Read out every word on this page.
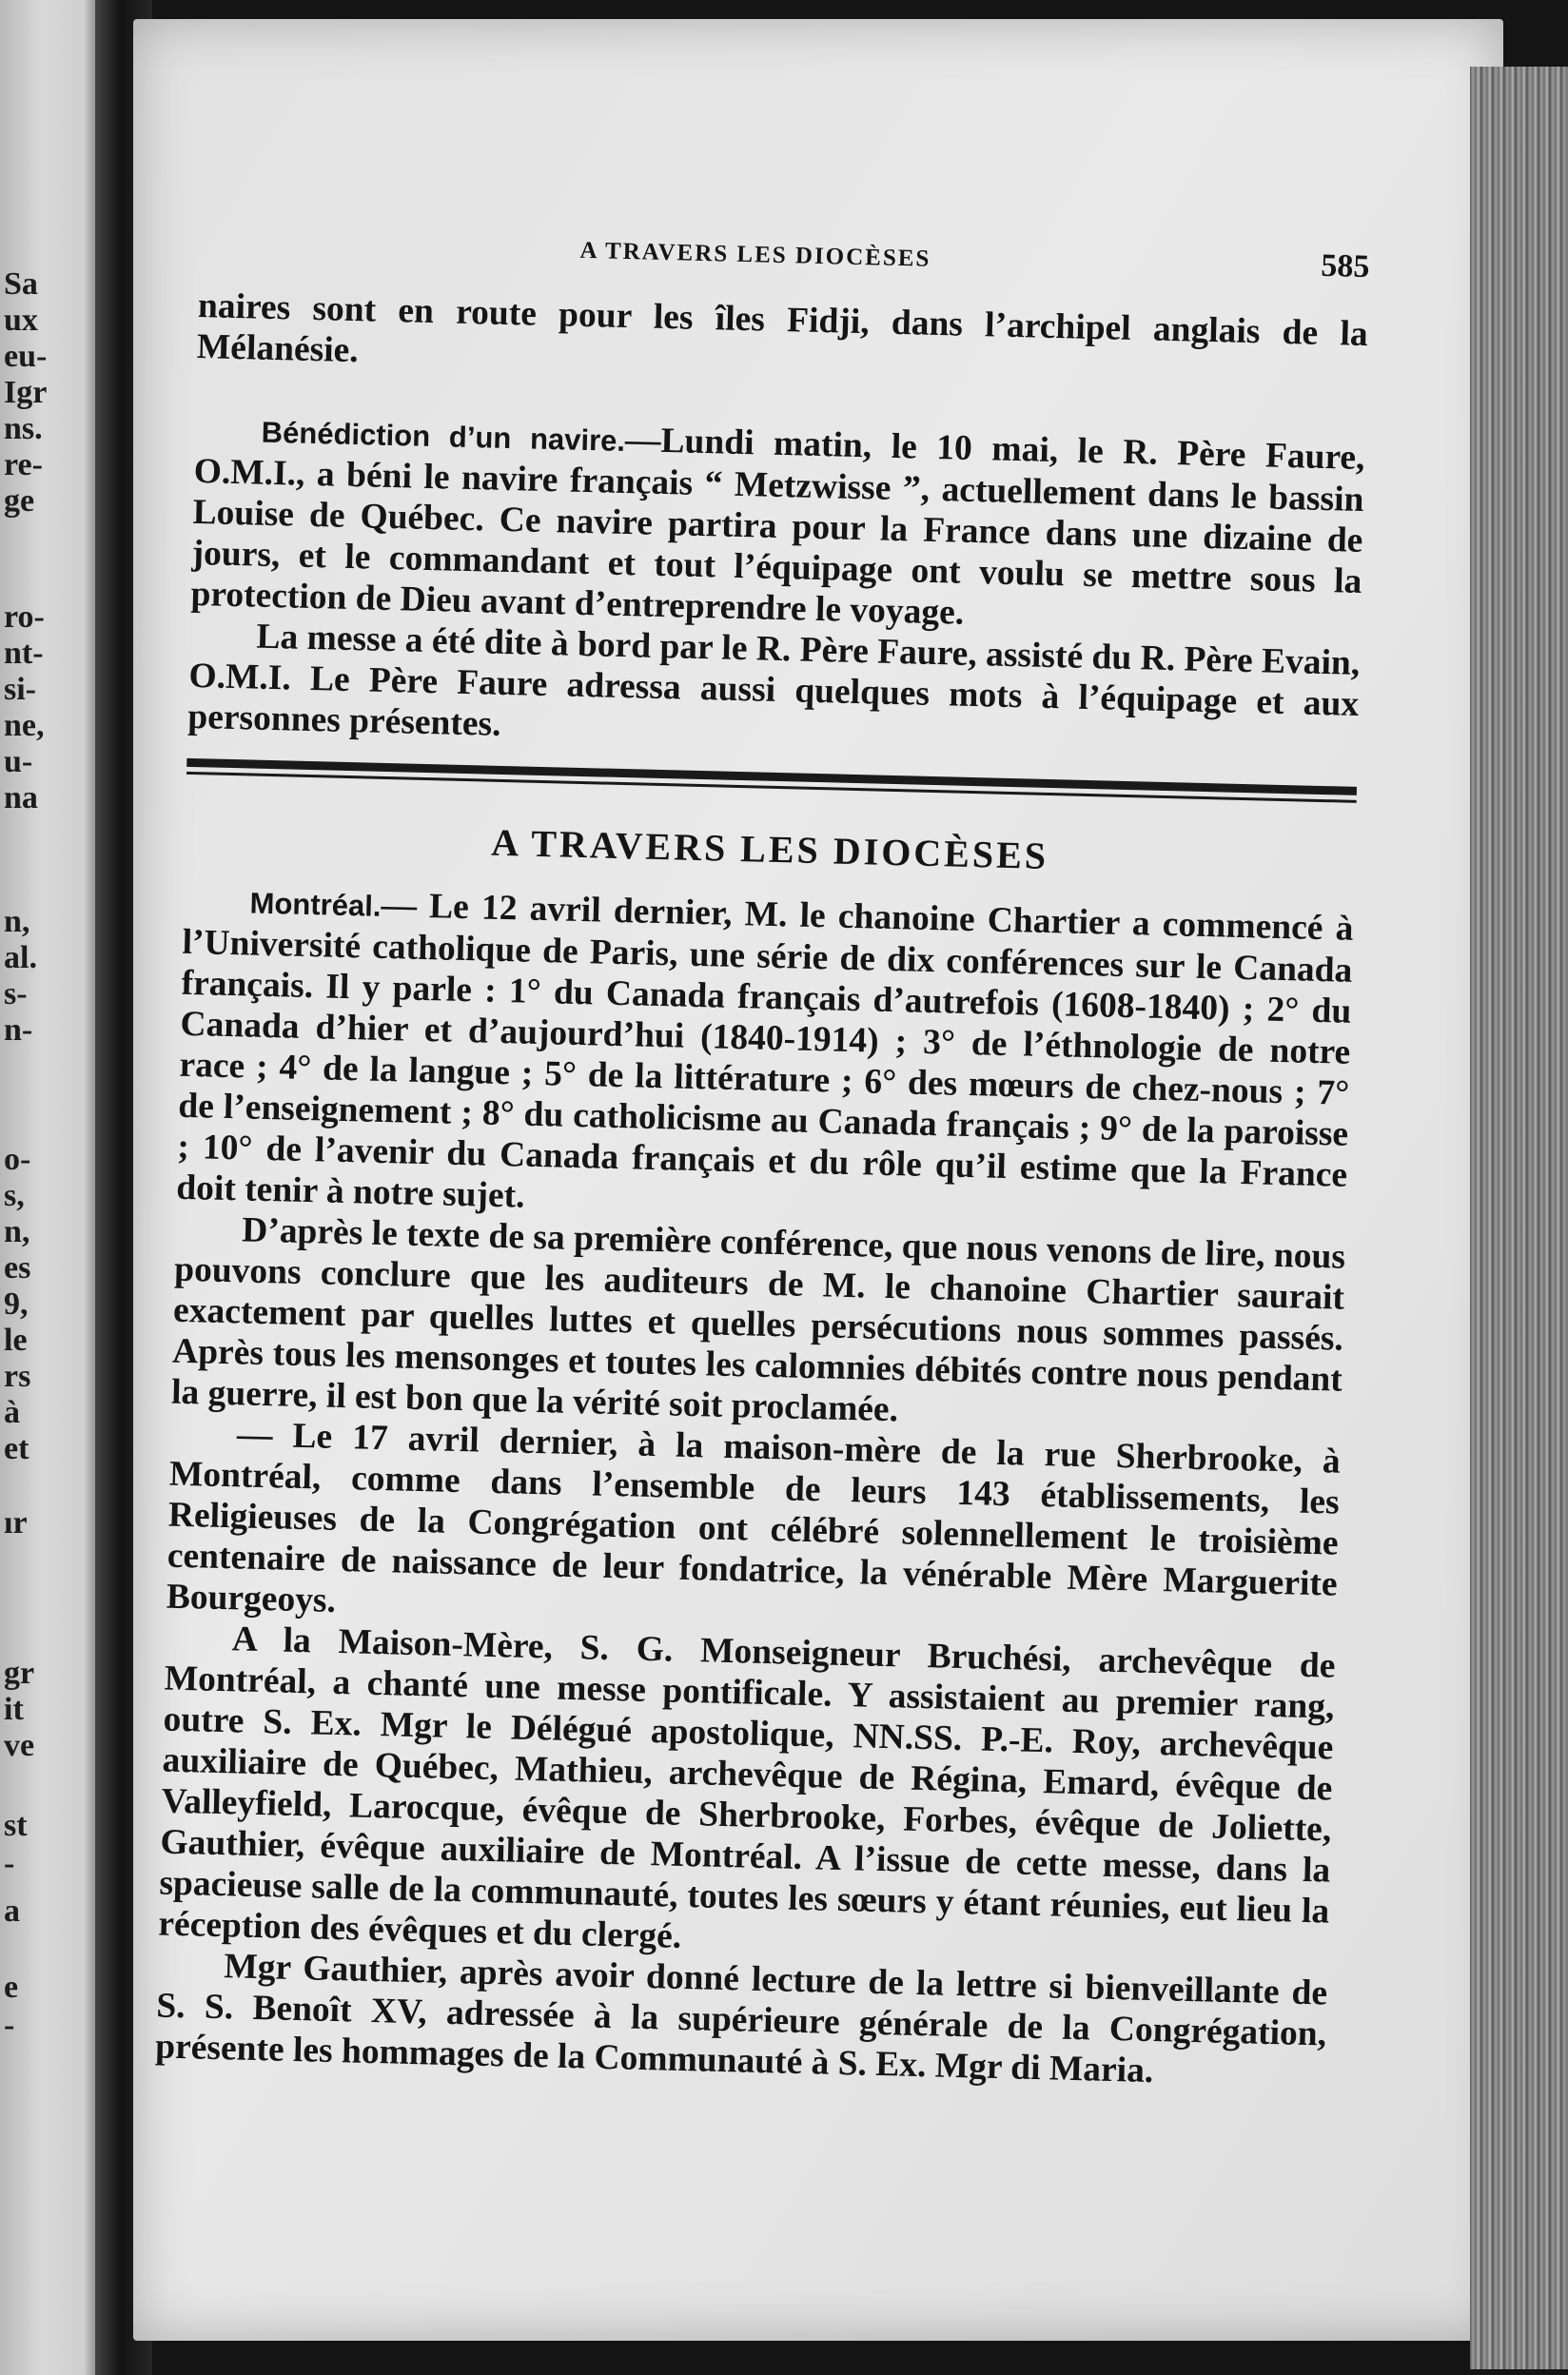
Sa
ux
eu-
Igr
ns.
re-
ge
ro-
nt-
si-
ne,
u-
na
n,
al.
s-
n-
o-
s,
n,
es
9,
le
rs
à
et
ır
gr
it
ve
st
-
a
e
-
A TRAVERS LES DIOCÈSES	585

naires sont en route pour les îles Fidji, dans l’archipel anglais de la Mélanésie.

Bénédiction d’un navire.—Lundi matin, le 10 mai, le R. Père Faure, O.M.I., a béni le navire français “ Metzwisse ”, actuellement dans le bassin Louise de Québec. Ce navire partira pour la France dans une dizaine de jours, et le commandant et tout l’équipage ont voulu se mettre sous la protection de Dieu avant d’entreprendre le voyage.

La messe a été dite à bord par le R. Père Faure, assisté du R. Père Evain, O.M.I. Le Père Faure adressa aussi quelques mots à l’équipage et aux personnes présentes.

A TRAVERS LES DIOCÈSES

Montréal.— Le 12 avril dernier, M. le chanoine Chartier a commencé à l’Université catholique de Paris, une série de dix conférences sur le Canada français. Il y parle : 1° du Canada français d’autrefois (1608-1840) ; 2° du Canada d’hier et d’aujourd’hui (1840-1914) ; 3° de l’éthnologie de notre race ; 4° de la langue ; 5° de la littérature ; 6° des mœurs de chez-nous ; 7° de l’enseignement ; 8° du catholicisme au Canada français ; 9° de la paroisse ; 10° de l’avenir du Canada français et du rôle qu’il estime que la France doit tenir à notre sujet.

D’après le texte de sa première conférence, que nous venons de lire, nous pouvons conclure que les auditeurs de M. le chanoine Chartier saurait exactement par quelles luttes et quelles persécutions nous sommes passés. Après tous les mensonges et toutes les calomnies débités contre nous pendant la guerre, il est bon que la vérité soit proclamée.

— Le 17 avril dernier, à la maison-mère de la rue Sherbrooke, à Montréal, comme dans l’ensemble de leurs 143 établissements, les Religieuses de la Congrégation ont célébré solennellement le troisième centenaire de naissance de leur fondatrice, la vénérable Mère Marguerite Bourgeoys.

A la Maison-Mère, S. G. Monseigneur Bruchési, archevêque de Montréal, a chanté une messe pontificale. Y assistaient au premier rang, outre S. Ex. Mgr le Délégué apostolique, NN.SS. P.-E. Roy, archevêque auxiliaire de Québec, Mathieu, archevêque de Régina, Emard, évêque de Valleyfield, Larocque, évêque de Sherbrooke, Forbes, évêque de Joliette, Gauthier, évêque auxiliaire de Montréal. A l’issue de cette messe, dans la spacieuse salle de la communauté, toutes les sœurs y étant réunies, eut lieu la réception des évêques et du clergé.

Mgr Gauthier, après avoir donné lecture de la lettre si bienveillante de S. S. Benoît XV, adressée à la supérieure générale de la Congrégation, présente les hommages de la Communauté à S. Ex. Mgr di Maria.
